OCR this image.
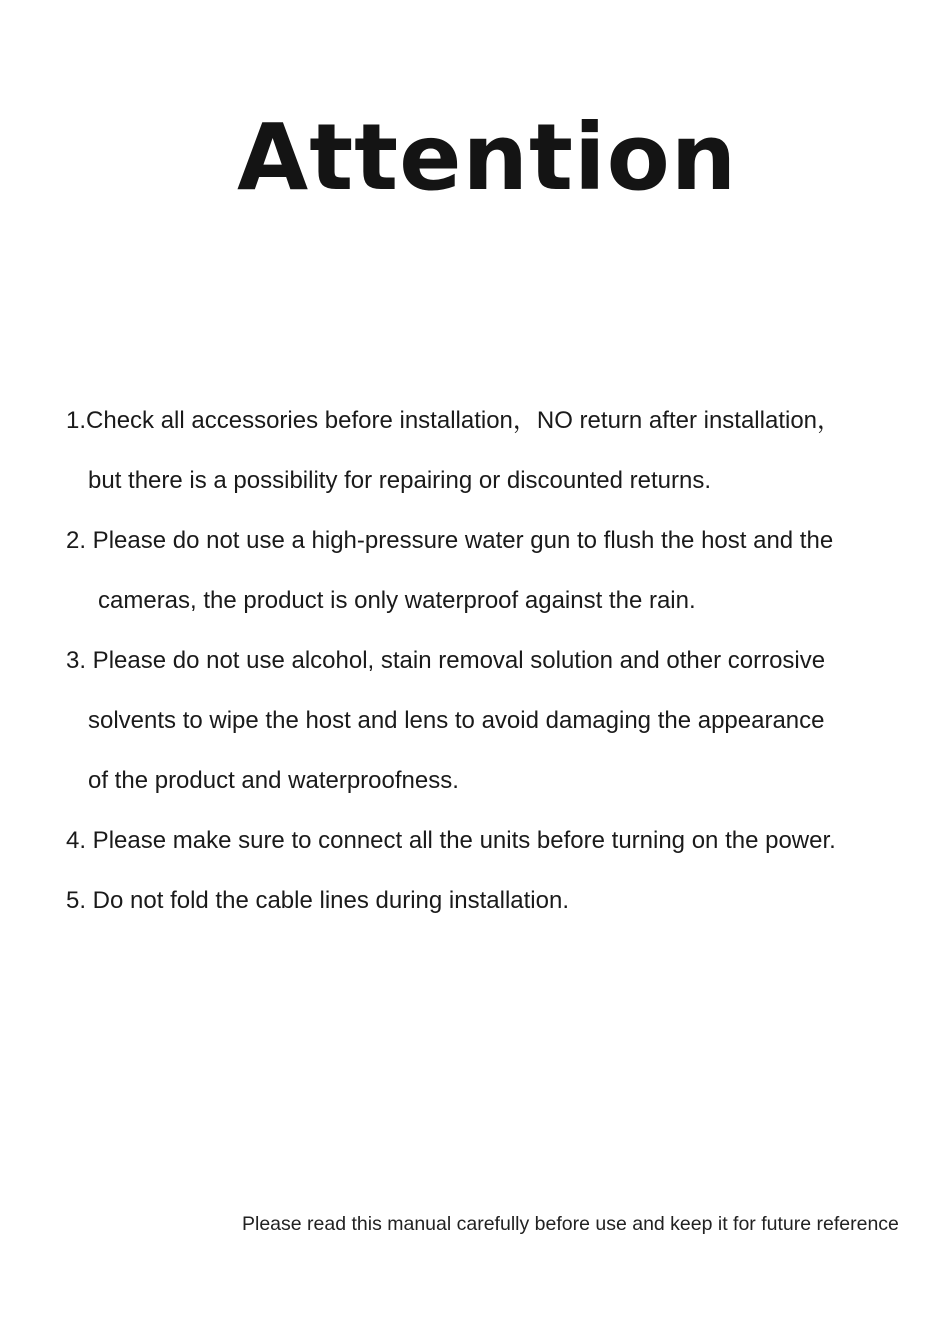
Attention

1.Check all accessories before installation，NO return after installation，

but there is a possibility for repairing or discounted returns.

2. Please do not use a high-pressure water gun to flush the host and the

cameras, the product is only waterproof against the rain.

3. Please do not use alcohol, stain removal solution and other corrosive

solvents to wipe the host and lens to avoid damaging the appearance

of the product and waterproofness.

4. Please make sure to connect all the units before turning on the power.

5. Do not fold the cable lines during installation.

Please read this manual carefully before use and keep it for future reference
